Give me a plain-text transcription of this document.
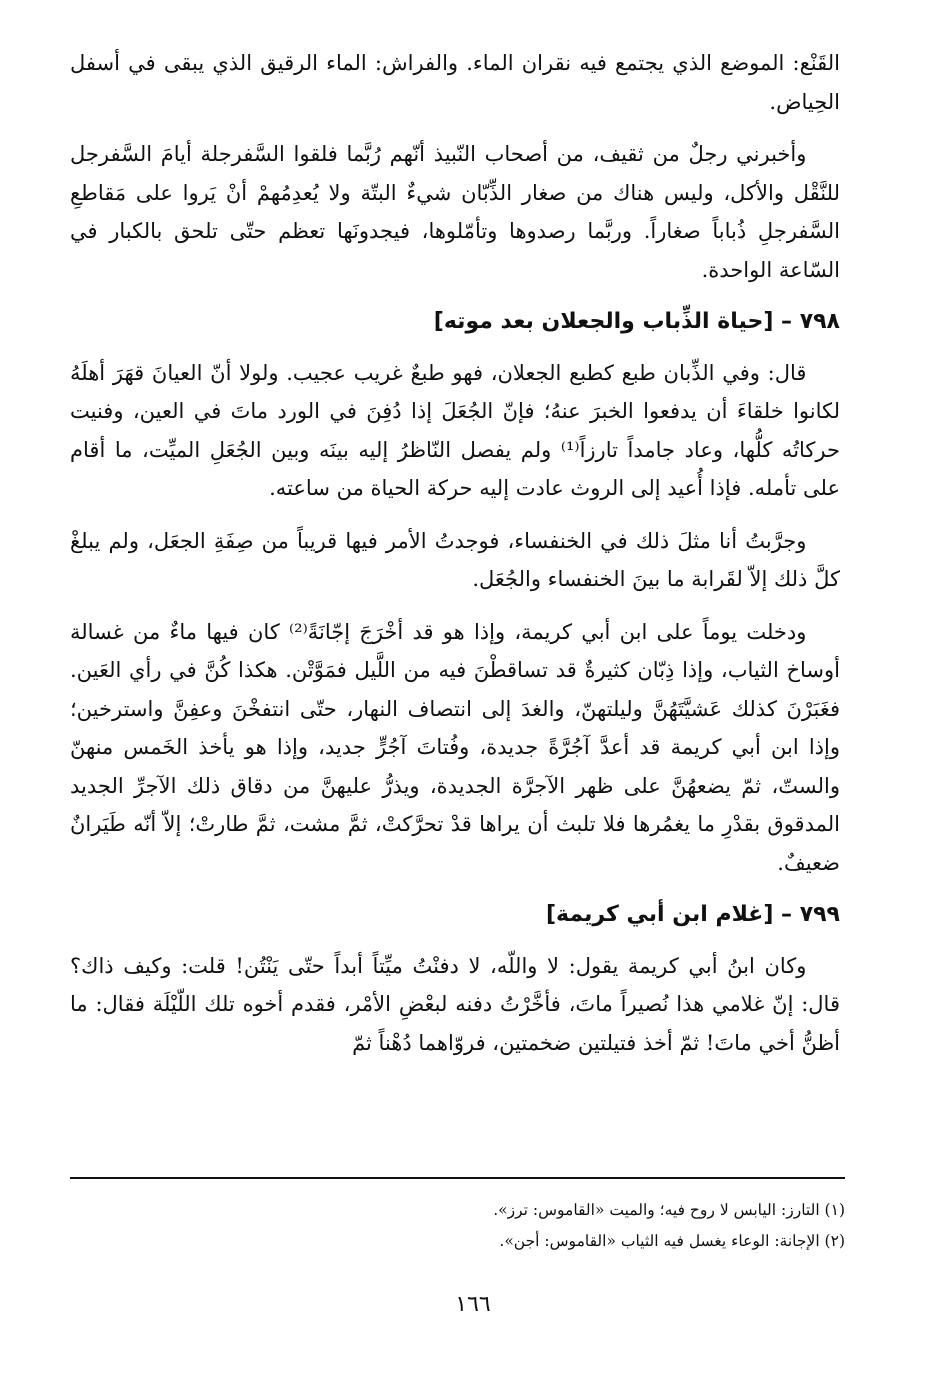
القَنْع: الموضع الذي يجتمع فيه نقران الماء. والفراش: الماء الرقيق الذي يبقى في أسفل الحِياض.

وأخبرني رجلٌ من ثقيف، من أصحاب النّبيذ أنّهم رُبَّما فلقوا السَّفرجلة أيامَ السَّفرجل للنَّقْل والأكل، وليس هناك من صغار الذِّبّان شيءٌ البتّة ولا يُعدِمُهمْ أنْ يَروا على مَقاطعِ السَّفرجلِ ذُباباً صغاراً. وربَّما رصدوها وتأمّلوها، فيجدونَها تعظم حتّى تلحق بالكبار في السّاعة الواحدة.

٧٩٨ – [حياة الذِّباب والجعلان بعد موته]

قال: وفي الذِّبان طبع كطبع الجعلان، فهو طبعٌ غريب عجيب. ولولا أنّ العيانَ قهَرَ أهلَهُ لكانوا خلقاءَ أن يدفعوا الخبرَ عنهُ؛ فإنّ الجُعَلَ إذا دُفِنَ في الورد ماتَ في العين، وفنيت حركاتُه كلُّها، وعاد جامداً تارزاً⁽¹⁾ ولم يفصل النّاظرُ إليه بينَه وبين الجُعَلِ الميِّت، ما أقام على تأمله. فإذا أُعيد إلى الروث عادت إليه حركة الحياة من ساعته.

وجرَّبتُ أنا مثلَ ذلك في الخنفساء، فوجدتُ الأمر فيها قريباً من صِفَةِ الجعَل، ولم يبلغْ كلَّ ذلك إلاّ لقَرابة ما بينَ الخنفساء والجُعَل.

ودخلت يوماً على ابن أبي كريمة، وإذا هو قد أخْرَجَ إجّانَةً⁽²⁾ كان فيها ماءٌ من غسالة أوساخ الثياب، وإذا ذِبّان كثيرةٌ قد تساقطْنَ فيه من اللَّيل فمَوَّتْن. هكذا كُنَّ في رأي العَين. فغَبَرْنَ كذلك عَشيَّتَهُنَّ وليلتهنّ، والغدَ إلى انتصاف النهار، حتّى انتفخْنَ وعفِنَّ واسترخين؛ وإذا ابن أبي كريمة قد أعدَّ آجُرَّةً جديدة، وفُتاتَ آجُرٍّ جديد، وإذا هو يأخذ الخَمس منهنّ والستّ، ثمّ يضعهُنَّ على ظهر الآجرَّة الجديدة، ويذرُّ عليهنَّ من دقاق ذلك الآجرِّ الجديد المدقوق بقدْرِ ما يغمُرها فلا تلبث أن يراها قدْ تحرَّكتْ، ثمَّ مشت، ثمَّ طارتْ؛ إلاّ أنّه طَيَرانٌ ضعيفٌ.

٧٩٩ – [غلام ابن أبي كريمة]

وكان ابنُ أبي كريمة يقول: لا واللّه، لا دفنْتُ ميِّتاً أبداً حتّى يَنْتُن! قلت: وكيف ذاك؟ قال: إنّ غلامي هذا نُصيراً ماتَ، فأخَّرْتُ دفنه لبعْضِ الأمْر، فقدم أخوه تلك اللّيْلَة فقال: ما أظنُّ أخي ماتَ! ثمّ أخذ فتيلتين ضخمتين، فروّاهما دُهْناً ثمّ

(١) التارز: اليابس لا روح فيه؛ والميت «القاموس: ترز».

(٢) الإجانة: الوعاء يغسل فيه الثياب «القاموس: أجن».

١٦٦
